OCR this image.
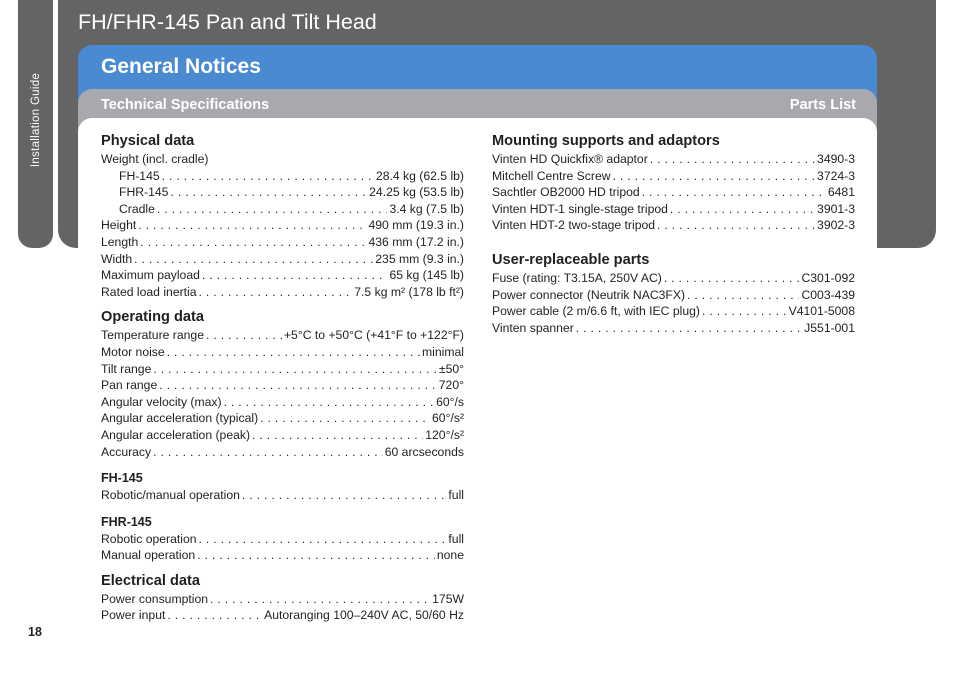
Installation Guide
FH/FHR-145 Pan and Tilt Head
General Notices
Technical Specifications	Parts List
Physical data
Weight (incl. cradle)
FH-145 . . .	28.4 kg (62.5 lb)
FHR-145 . . .	24.25 kg (53.5 lb)
Cradle . . .	3.4 kg (7.5 lb)
Height . . .	490 mm (19.3 in.)
Length . . .	436 mm (17.2 in.)
Width . . .	235 mm (9.3 in.)
Maximum payload . . .	65 kg (145 lb)
Rated load inertia . . .	7.5 kg m² (178 lb ft²)
Operating data
Temperature range . . .	+5°C to +50°C (+41°F to +122°F)
Motor noise . . .	minimal
Tilt range . . .	±50°
Pan range . . .	720°
Angular velocity (max) . . .	60°/s
Angular acceleration (typical) . . .	60°/s²
Angular acceleration (peak) . . .	120°/s²
Accuracy . . .	60 arcseconds
FH-145
Robotic/manual operation . . .	full
FHR-145
Robotic operation . . .	full
Manual operation . . .	none
Electrical data
Power consumption . . .	175W
Power input . . .	Autoranging 100–240V AC, 50/60 Hz
Mounting supports and adaptors
Vinten HD Quickfix® adaptor . . .	3490-3
Mitchell Centre Screw . . .	3724-3
Sachtler OB2000 HD tripod . . .	6481
Vinten HDT-1 single-stage tripod . . .	3901-3
Vinten HDT-2 two-stage tripod . . .	3902-3
User-replaceable parts
Fuse (rating: T3.15A, 250V AC) . . .	C301-092
Power connector (Neutrik NAC3FX) . . .	C003-439
Power cable (2 m/6.6 ft, with IEC plug) . . .	V4101-5008
Vinten spanner . . .	J551-001
18
